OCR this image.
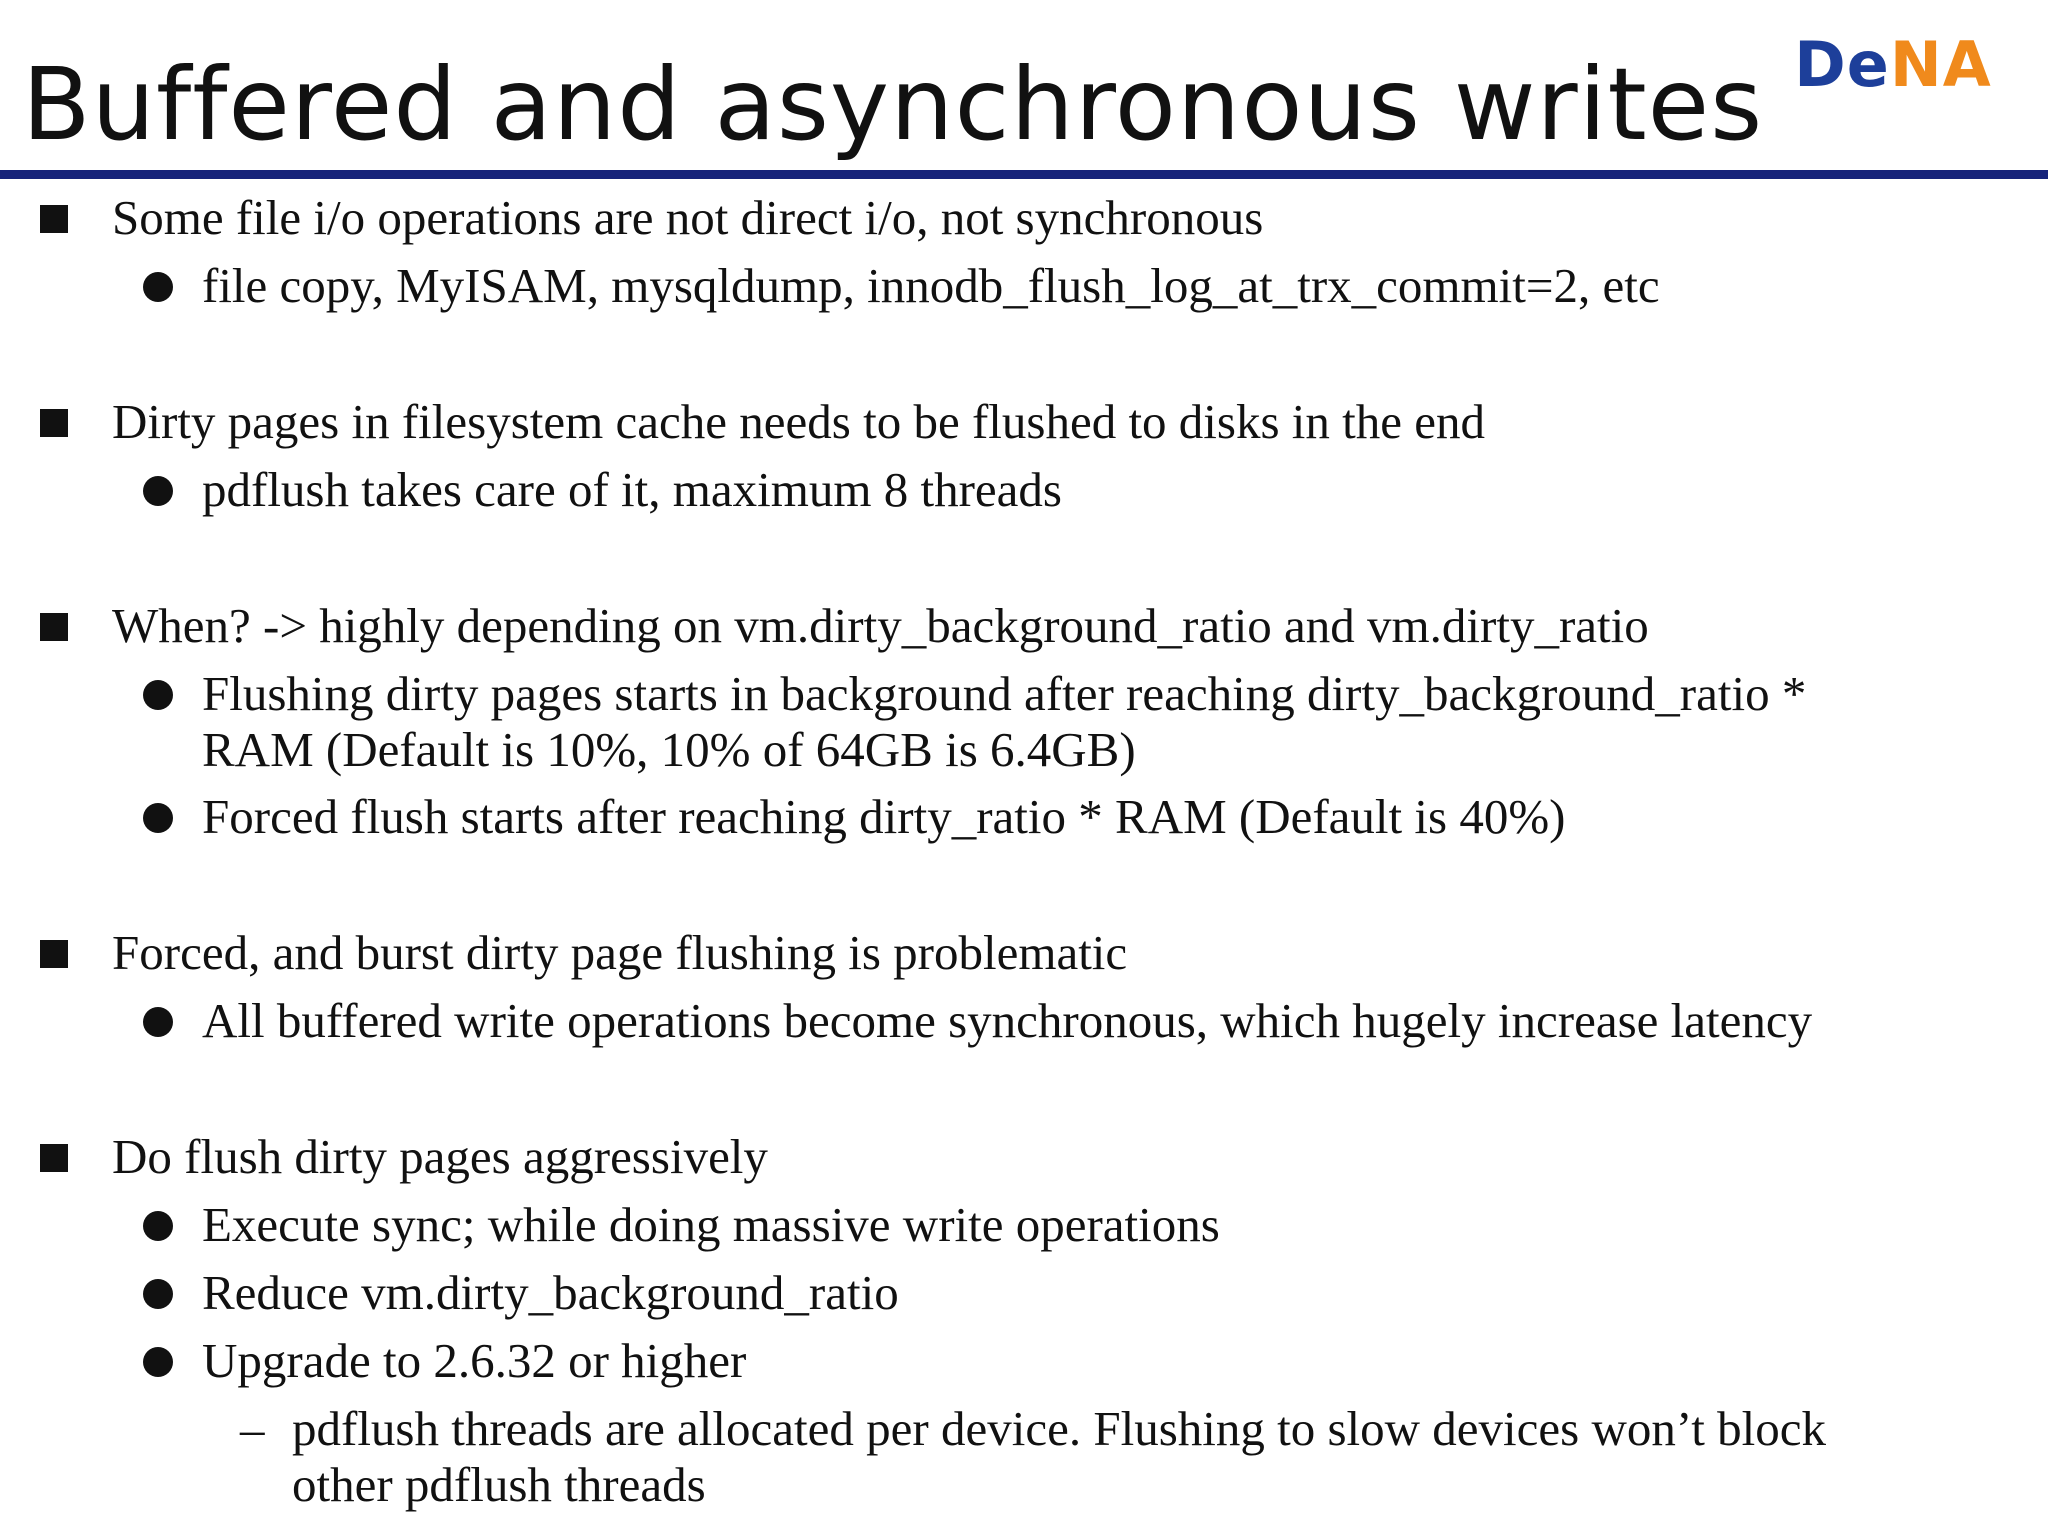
Buffered and asynchronous writes De NA
Some file i/o operations are not direct i/o, not synchronous
file copy, MyISAM, mysqldump, innodb_flush_log_at_trx_commit=2, etc
Dirty pages in filesystem cache needs to be flushed to disks in the end
pdflush takes care of it, maximum 8 threads
When? -> highly depending on vm.dirty_background_ratio and vm.dirty_ratio
Flushing dirty pages starts in background after reaching dirty_background_ratio * RAM (Default is 10%, 10% of 64GB is 6.4GB)
Forced flush starts after reaching dirty_ratio * RAM (Default is 40%)
Forced, and burst dirty page flushing is problematic
All buffered write operations become synchronous, which hugely increase latency
Do flush dirty pages aggressively
Execute sync; while doing massive write operations
Reduce vm.dirty_background_ratio
Upgrade to 2.6.32 or higher
– pdflush threads are allocated per device. Flushing to slow devices won’t block other pdflush threads
